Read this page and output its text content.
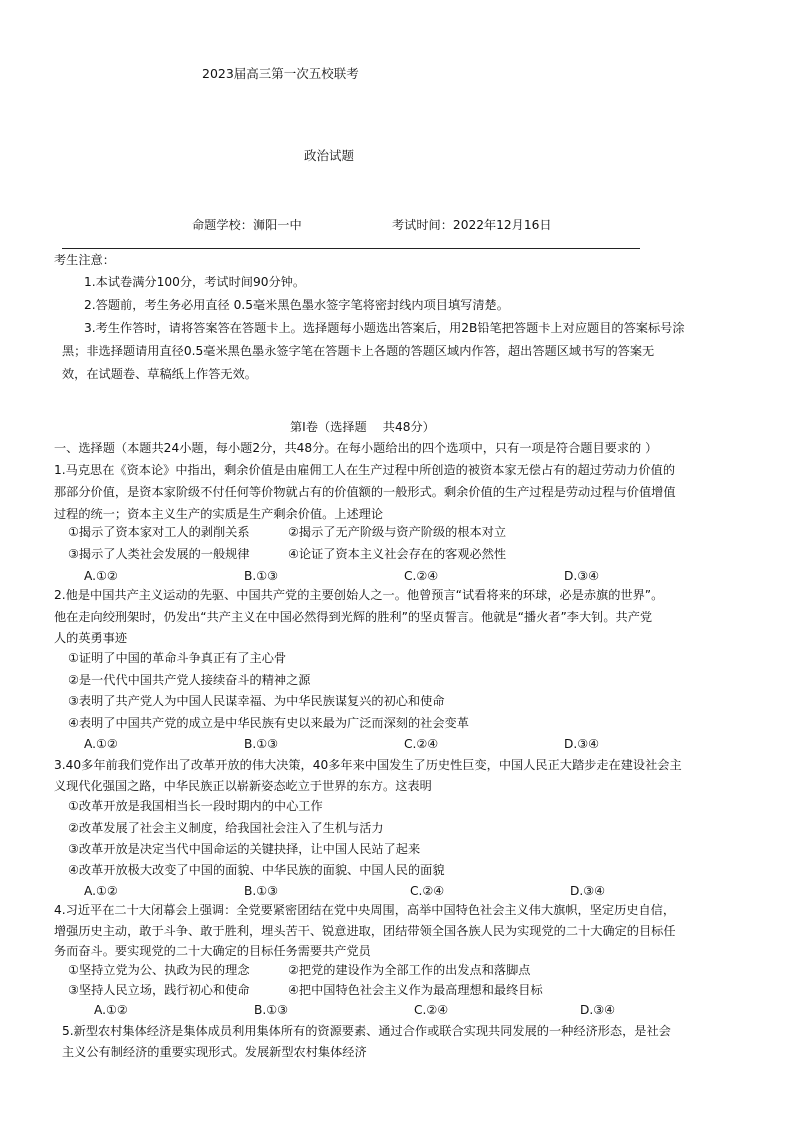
2023届高三第一次五校联考
政治试题
命题学校：浉阳一中	考试时间：2022年12月16日
考生注意：
1.本试卷满分100分，考试时间90分钟。
2.答题前，考生务必用直径 0.5毫米黑色墨水签字笔将密封线内项目填写清楚。
3.考生作答时，请将答案答在答题卡上。选择题每小题选出答案后，用2B铅笔把答题卡上对应题目的答案标号涂
黑；非选择题请用直径0.5毫米黑色墨永签字笔在答题卡上各题的答题区域内作答，超出答题区域书写的答案无
效，在试题卷、草稿纸上作答无效。
第Ⅰ卷（选择题　 共48分）
一、选择题（本题共24小题，每小题2分，共48分。在每小题给出的四个选项中，只有一项是符合题目要求的 ）
1.马克思在《资本论》中指出，剩余价值是由雇佣工人在生产过程中所创造的被资本家无偿占有的超过劳动力价值的
那部分价值，是资本家阶级不付任何等价物就占有的价值额的一般形式。剩余价值的生产过程是劳动过程与价值增值
过程的统一；资本主义生产的实质是生产剩余价值。上述理论
①揭示了资本家对工人的剥削关系	②揭示了无产阶级与资产阶级的根本对立
③揭示了人类社会发展的一般规律	④论证了资本主义社会存在的客观必然性
A.①②	B.①③	C.②④	D.③④
2.他是中国共产主义运动的先驱、中国共产党的主要创始人之一。他曾预言“试看将来的环球，必是赤旗的世界”。
他在走向绞刑架时，仍发出“共产主义在中国必然得到光辉的胜利”的坚贞誓言。他就是“播火者”李大钊。共产党
人的英勇事迹
①证明了中国的革命斗争真正有了主心骨
②是一代代中国共产党人接续奋斗的精神之源
③表明了共产党人为中国人民谋幸福、为中华民族谋复兴的初心和使命
④表明了中国共产党的成立是中华民族有史以来最为广泛而深刻的社会变革
A.①②	B.①③	C.②④	D.③④
3.40多年前我们党作出了改革开放的伟大决策，40多年来中国发生了历史性巨变，中国人民正大踏步走在建设社会主
义现代化强国之路，中华民族正以崭新姿态屹立于世界的东方。这表明
①改革开放是我国相当长一段时期内的中心工作
②改革发展了社会主义制度，给我国社会注入了生机与活力
③改革开放是决定当代中国命运的关键抉择，让中国人民站了起来
④改革开放极大改变了中国的面貌、中华民族的面貌、中国人民的面貌
A.①②	B.①③	C.②④	D.③④
4.习近平在二十大闭幕会上强调：全党要紧密团结在党中央周围，高举中国特色社会主义伟大旗帜，坚定历史自信，
增强历史主动，敢于斗争、敢于胜利，埋头苦干、锐意进取，团结带领全国各族人民为实现党的二十大确定的目标任
务而奋斗。要实现党的二十大确定的目标任务需要共产党员
①坚持立党为公、执政为民的理念	②把党的建设作为全部工作的出发点和落脚点
③坚持人民立场，践行初心和使命	④把中国特色社会主义作为最高理想和最终目标
A.①②	B.①③	C.②④	D.③④
5.新型农村集体经济是集体成员利用集体所有的资源要素、通过合作或联合实现共同发展的一种经济形态，是社会
主义公有制经济的重要实现形式。发展新型农村集体经济
